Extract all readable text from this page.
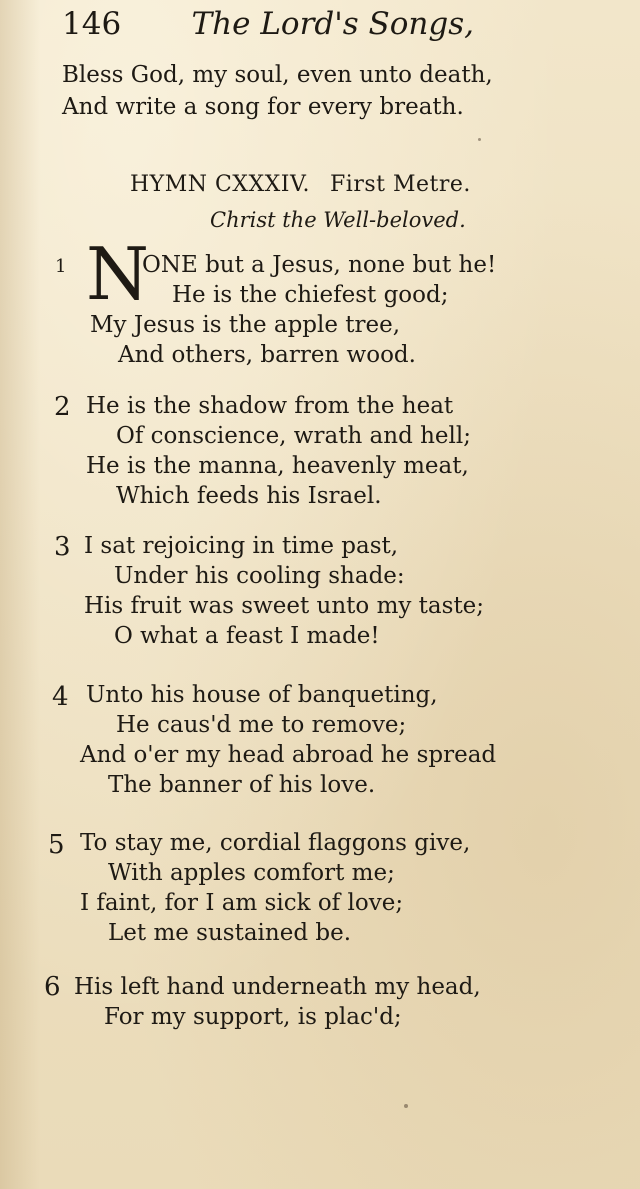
146 The Lord's Songs,
Bless God, my soul, even unto death,
And write a song for every breath.
HYMN CXXXIV. First Metre.
Christ the Well-beloved.
1 N
ONE but a Jesus, none but he!
He is the chiefest good;
My Jesus is the apple tree,
And others, barren wood.
2 He is the shadow from the heat
Of conscience, wrath and hell;
He is the manna, heavenly meat,
Which feeds his Israel.
3 I sat rejoicing in time past,
Under his cooling shade:
His fruit was sweet unto my taste;
O what a feast I made!
4 Unto his house of banqueting,
He caus'd me to remove;
And o'er my head abroad he spread
The banner of his love.
5 To stay me, cordial flaggons give,
With apples comfort me;
I faint, for I am sick of love;
Let me sustained be.
6 His left hand underneath my head,
For my support, is plac'd;
